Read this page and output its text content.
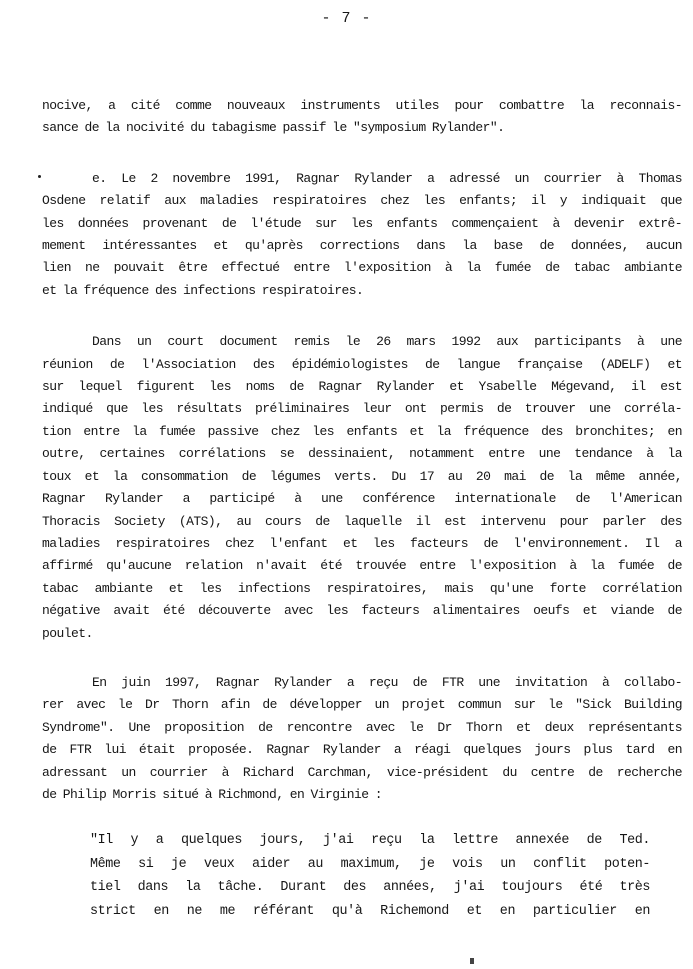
- 7 -
nocive, a cité comme nouveaux instruments utiles pour combattre la reconnais-
sance de la nocivité du tabagisme passif le "symposium Rylander".
e. Le 2 novembre 1991, Ragnar Rylander a adressé un courrier à Thomas
Osdene relatif aux maladies respiratoires chez les enfants; il y indiquait que
les données provenant de l'étude sur les enfants commençaient à devenir extrê-
mement intéressantes et qu'après corrections dans la base de données, aucun
lien ne pouvait être effectué entre l'exposition à la fumée de tabac ambiante
et la fréquence des infections respiratoires.
Dans un court document remis le 26 mars 1992 aux participants à une
réunion de l'Association des épidémiologistes de langue française (ADELF) et
sur lequel figurent les noms de Ragnar Rylander et Ysabelle Mégevand, il est
indiqué que les résultats préliminaires leur ont permis de trouver une corréla-
tion entre la fumée passive chez les enfants et la fréquence des bronchites; en
outre, certaines corrélations se dessinaient, notamment entre une tendance à la
toux et la consommation de légumes verts. Du 17 au 20 mai de la même année,
Ragnar Rylander a participé à une conférence internationale de l'American
Thoracis Society (ATS), au cours de laquelle il est intervenu pour parler des
maladies respiratoires chez l'enfant et les facteurs de l'environnement. Il a
affirmé qu'aucune relation n'avait été trouvée entre l'exposition à la fumée de
tabac ambiante et les infections respiratoires, mais qu'une forte corrélation
négative avait été découverte avec les facteurs alimentaires oeufs et viande de
poulet.
En juin 1997, Ragnar Rylander a reçu de FTR une invitation à collabo-
rer avec le Dr Thorn afin de développer un projet commun sur le "Sick Building
Syndrome". Une proposition de rencontre avec le Dr Thorn et deux représentants
de FTR lui était proposée. Ragnar Rylander a réagi quelques jours plus tard en
adressant un courrier à Richard Carchman, vice-président du centre de recherche
de Philip Morris situé à Richmond, en Virginie :
"Il y a quelques jours, j'ai reçu la lettre annexée de Ted.
Même si je veux aider au maximum, je vois un conflit poten-
tiel dans la tâche. Durant des années, j'ai toujours été très
strict en ne me référant qu'à Richemond et en particulier en
